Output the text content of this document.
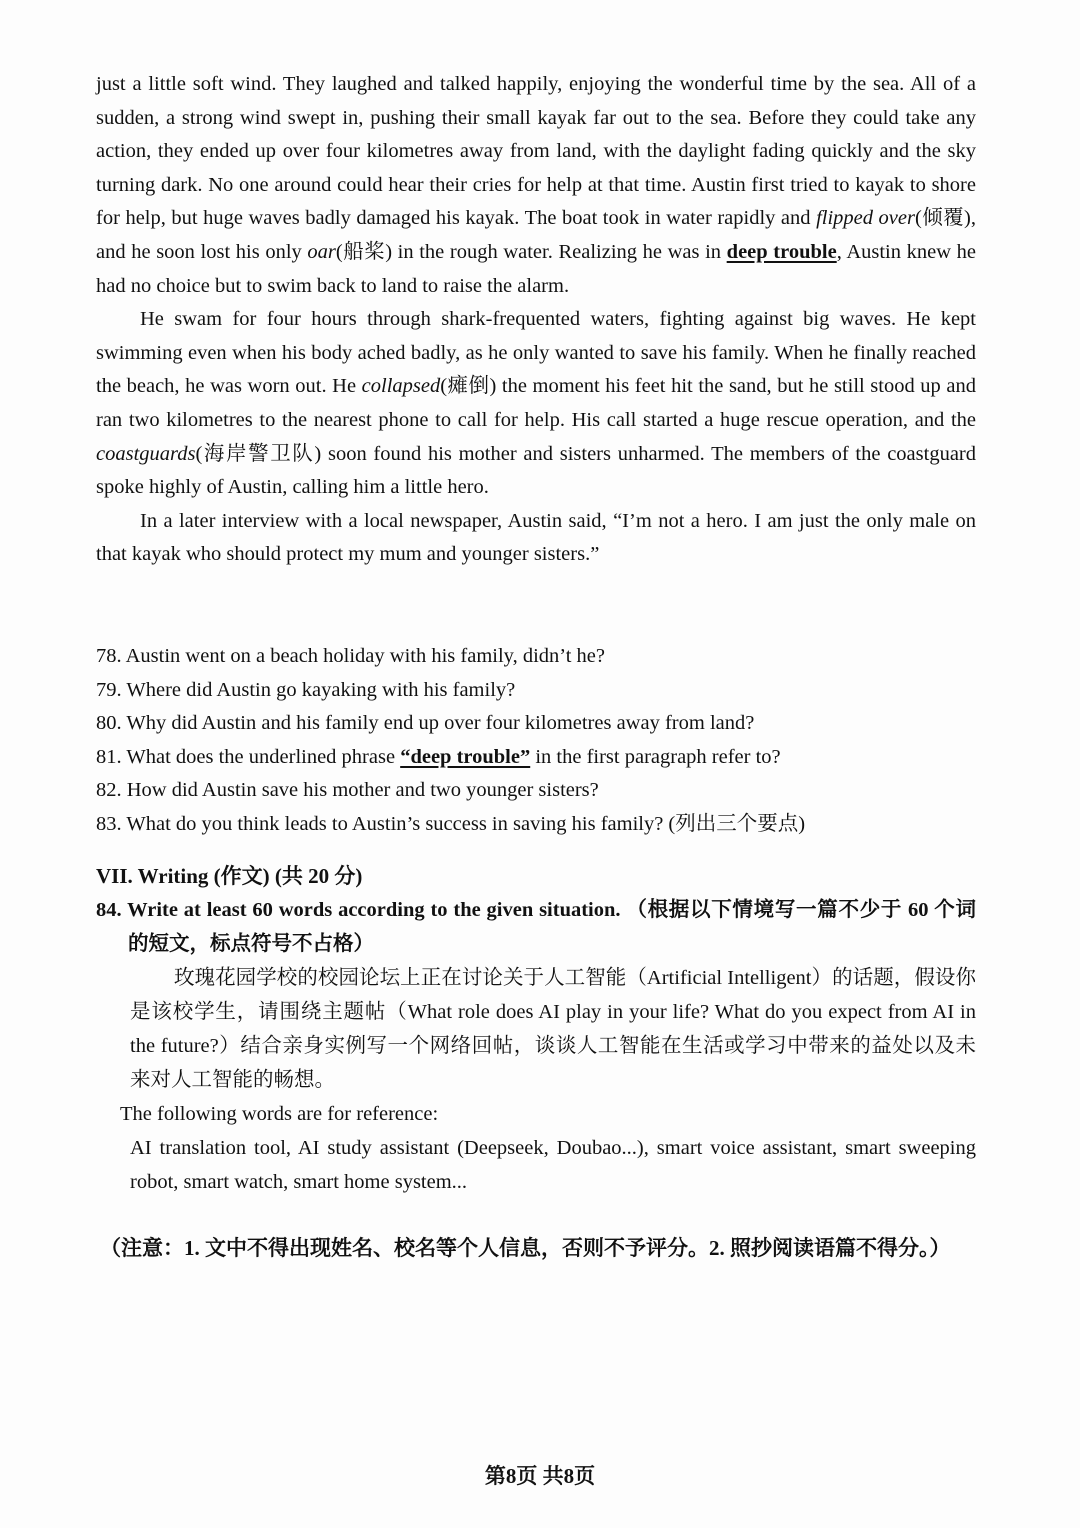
just a little soft wind. They laughed and talked happily, enjoying the wonderful time by the sea. All of a sudden, a strong wind swept in, pushing their small kayak far out to the sea. Before they could take any action, they ended up over four kilometres away from land, with the daylight fading quickly and the sky turning dark. No one around could hear their cries for help at that time. Austin first tried to kayak to shore for help, but huge waves badly damaged his kayak. The boat took in water rapidly and flipped over(倾覆), and he soon lost his only oar(船桨) in the rough water. Realizing he was in deep trouble, Austin knew he had no choice but to swim back to land to raise the alarm.

He swam for four hours through shark-frequented waters, fighting against big waves. He kept swimming even when his body ached badly, as he only wanted to save his family. When he finally reached the beach, he was worn out. He collapsed(瘫倒) the moment his feet hit the sand, but he still stood up and ran two kilometres to the nearest phone to call for help. His call started a huge rescue operation, and the coastguards(海岸警卫队) soon found his mother and sisters unharmed. The members of the coastguard spoke highly of Austin, calling him a little hero.

In a later interview with a local newspaper, Austin said, “I’m not a hero. I am just the only male on that kayak who should protect my mum and younger sisters.”

78. Austin went on a beach holiday with his family, didn’t he?

79. Where did Austin go kayaking with his family?

80. Why did Austin and his family end up over four kilometres away from land?

81. What does the underlined phrase “deep trouble” in the first paragraph refer to?

82. How did Austin save his mother and two younger sisters?

83. What do you think leads to Austin’s success in saving his family? (列出三个要点)

VII. Writing (作文) (共 20 分)

84. Write at least 60 words according to the given situation. （根据以下情境写一篇不少于 60 个词的短文，标点符号不占格）

玫瑰花园学校的校园论坛上正在讨论关于人工智能（Artificial Intelligent）的话题，假设你是该校学生，请围绕主题帖（What role does AI play in your life? What do you expect from AI in the future?）结合亲身实例写一个网络回帖，谈谈人工智能在生活或学习中带来的益处以及未来对人工智能的畅想。

The following words are for reference:

AI translation tool, AI study assistant (Deepseek, Doubao...), smart voice assistant, smart sweeping robot, smart watch, smart home system...

（注意：1. 文中不得出现姓名、校名等个人信息，否则不予评分。2. 照抄阅读语篇不得分。）
第8页 共8页
